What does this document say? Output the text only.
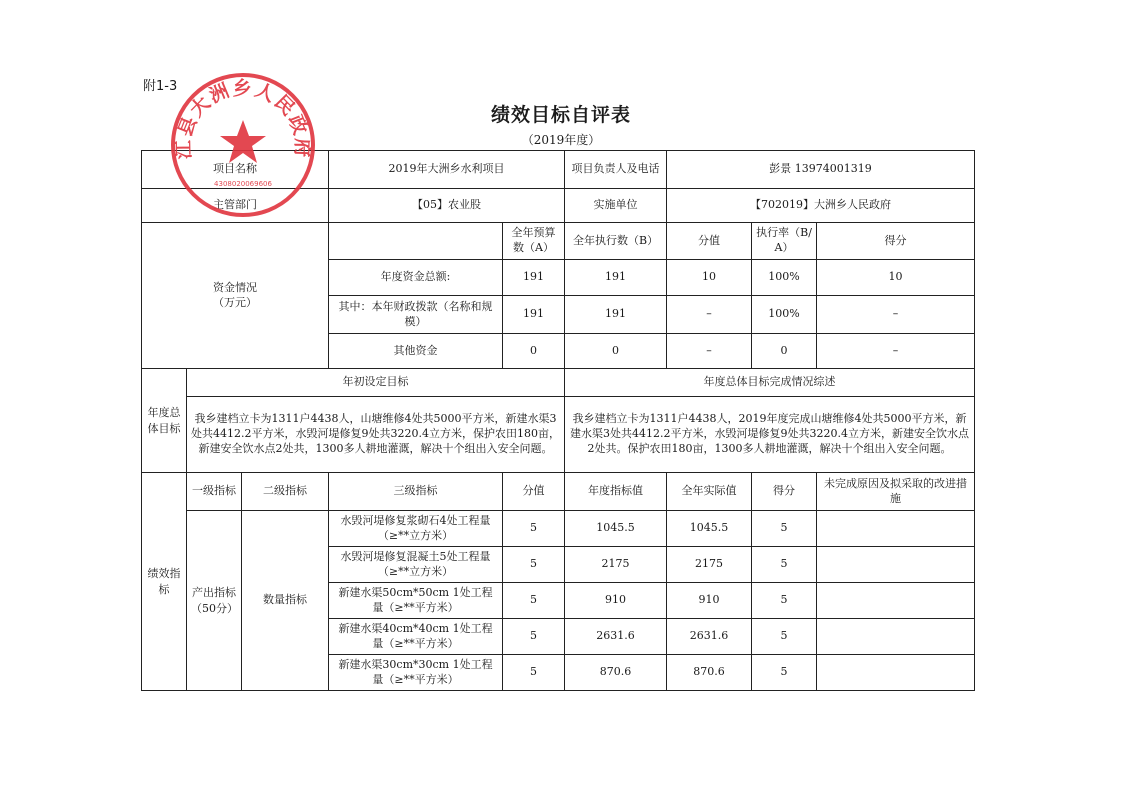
附1-3
绩效目标自评表
（2019年度）
项目名称			2019年大洲乡水利项目		项目负责人及电话	彭景 13974001319		
主管部门			【05】农业股		实施单位	【702019】大洲乡人民政府		

资金情况
（万元）				全年预算数（A）	全年执行数（B）	分值	执行率（B/A）	得分
			年度资金总额:	191	191	10	100%	10
			其中：本年财政拨款（名称和规模）	191	191	–	100%	–
			其他资金	0	0	–	0	–
年度总体目标	年初设定目标				年度总体目标完成情况综述			
	我乡建档立卡为1311户4438人，山塘维修4处共5000平方米，新建水渠3处共4412.2平方米，水毁河堤修复9处共3220.4立方米，保护农田180亩，新建安全饮水点2处共，1300多人耕地灌溉，解决十个组出入安全问题。				我乡建档立卡为1311户4438人，2019年度完成山塘维修4处共5000平方米，新建水渠3处共4412.2平方米，水毁河堤修复9处共3220.4立方米，新建安全饮水点2处共。保护农田180亩，1300多人耕地灌溉，解决十个组出入安全问题。			
绩效指标	一级指标	二级指标	三级指标	分值	年度指标值	全年实际值	得分	未完成原因及拟采取的改进措施
	产出指标（50分）	数量指标	水毁河堤修复浆砌石4处工程量（≥**立方米）	5	1045.5	1045.5	5	
			水毁河堤修复混凝土5处工程量（≥**立方米）	5	2175	2175	5	
			新建水渠50cm*50cm 1处工程量（≥**平方米）	5	910	910	5	
			新建水渠40cm*40cm 1处工程量（≥**平方米）	5	2631.6	2631.6	5	
			新建水渠30cm*30cm 1处工程量（≥**平方米）	5	870.6	870.6	5	
江县大洲乡人民政府
4308020069606
